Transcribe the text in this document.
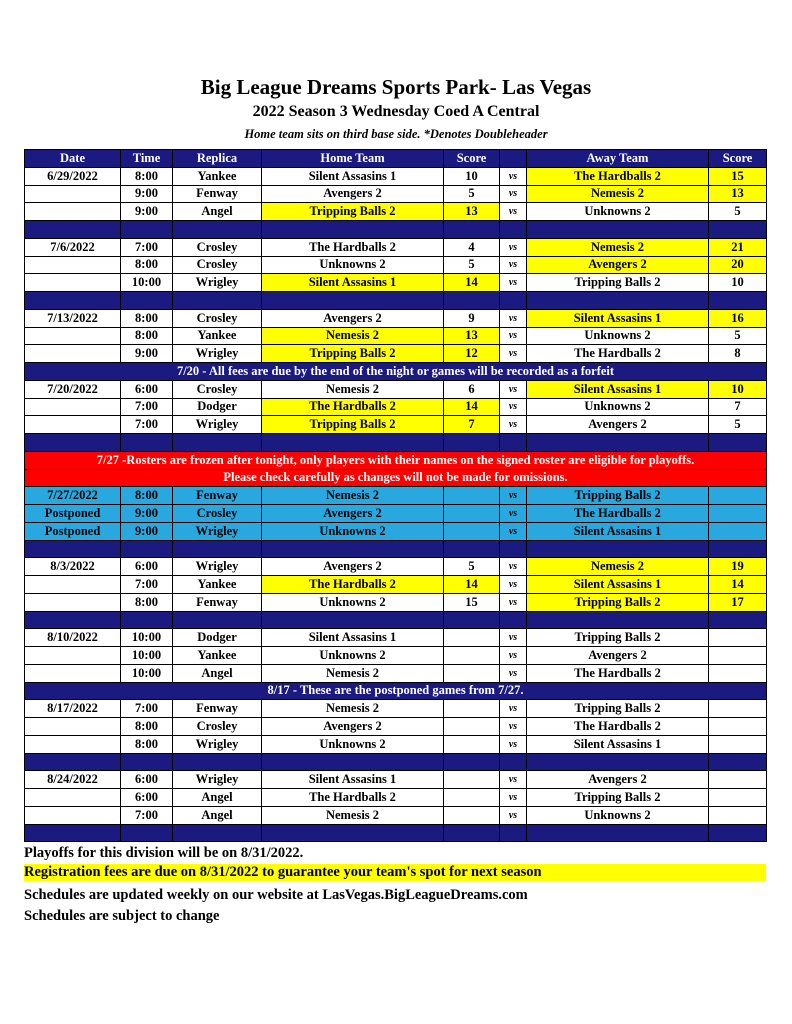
Big League Dreams Sports Park- Las Vegas
2022 Season 3 Wednesday Coed A Central
Home team sits on third base side. *Denotes Doubleheader
Date	Time	Replica	Home Team	Score		Away Team	Score
6/29/2022	8:00	Yankee	Silent Assasins 1	10	vs	The Hardballs 2	15
	9:00	Fenway	Avengers 2	5	vs	Nemesis 2	13
	9:00	Angel	Tripping Balls 2	13	vs	Unknowns 2	5

7/6/2022	7:00	Crosley	The Hardballs 2	4	vs	Nemesis 2	21
	8:00	Crosley	Unknowns 2	5	vs	Avengers 2	20
	10:00	Wrigley	Silent Assasins 1	14	vs	Tripping Balls 2	10

7/13/2022	8:00	Crosley	Avengers 2	9	vs	Silent Assasins 1	16
	8:00	Yankee	Nemesis 2	13	vs	Unknowns 2	5
	9:00	Wrigley	Tripping Balls 2	12	vs	The Hardballs 2	8
7/20 - All fees are due by the end of the night or games will be recorded as a forfeit							
7/20/2022	6:00	Crosley	Nemesis 2	6	vs	Silent Assasins 1	10
	7:00	Dodger	The Hardballs 2	14	vs	Unknowns 2	7
	7:00	Wrigley	Tripping Balls 2	7	vs	Avengers 2	5

7/27 -Rosters are frozen after tonight, only players with their names on the signed roster are eligible for playoffs.							
Please check carefully as changes will not be made for omissions.							
7/27/2022	8:00	Fenway	Nemesis 2		vs	Tripping Balls 2	
Postponed	9:00	Crosley	Avengers 2		vs	The Hardballs 2	
Postponed	9:00	Wrigley	Unknowns 2		vs	Silent Assasins 1	

8/3/2022	6:00	Wrigley	Avengers 2	5	vs	Nemesis 2	19
	7:00	Yankee	The Hardballs 2	14	vs	Silent Assasins 1	14
	8:00	Fenway	Unknowns 2	15	vs	Tripping Balls 2	17

8/10/2022	10:00	Dodger	Silent Assasins 1		vs	Tripping Balls 2	
	10:00	Yankee	Unknowns 2		vs	Avengers 2	
	10:00	Angel	Nemesis 2		vs	The Hardballs 2	
8/17 - These are the postponed games from 7/27.							
8/17/2022	7:00	Fenway	Nemesis 2		vs	Tripping Balls 2	
	8:00	Crosley	Avengers 2		vs	The Hardballs 2	
	8:00	Wrigley	Unknowns 2		vs	Silent Assasins 1	

8/24/2022	6:00	Wrigley	Silent Assasins 1		vs	Avengers 2	
	6:00	Angel	The Hardballs 2		vs	Tripping Balls 2	
	7:00	Angel	Nemesis 2		vs	Unknowns 2	

Playoffs for this division will be on 8/31/2022.
Registration fees are due on 8/31/2022 to guarantee your team's spot for next season
Schedules are updated weekly on our website at LasVegas.BigLeagueDreams.com
Schedules are subject to change
